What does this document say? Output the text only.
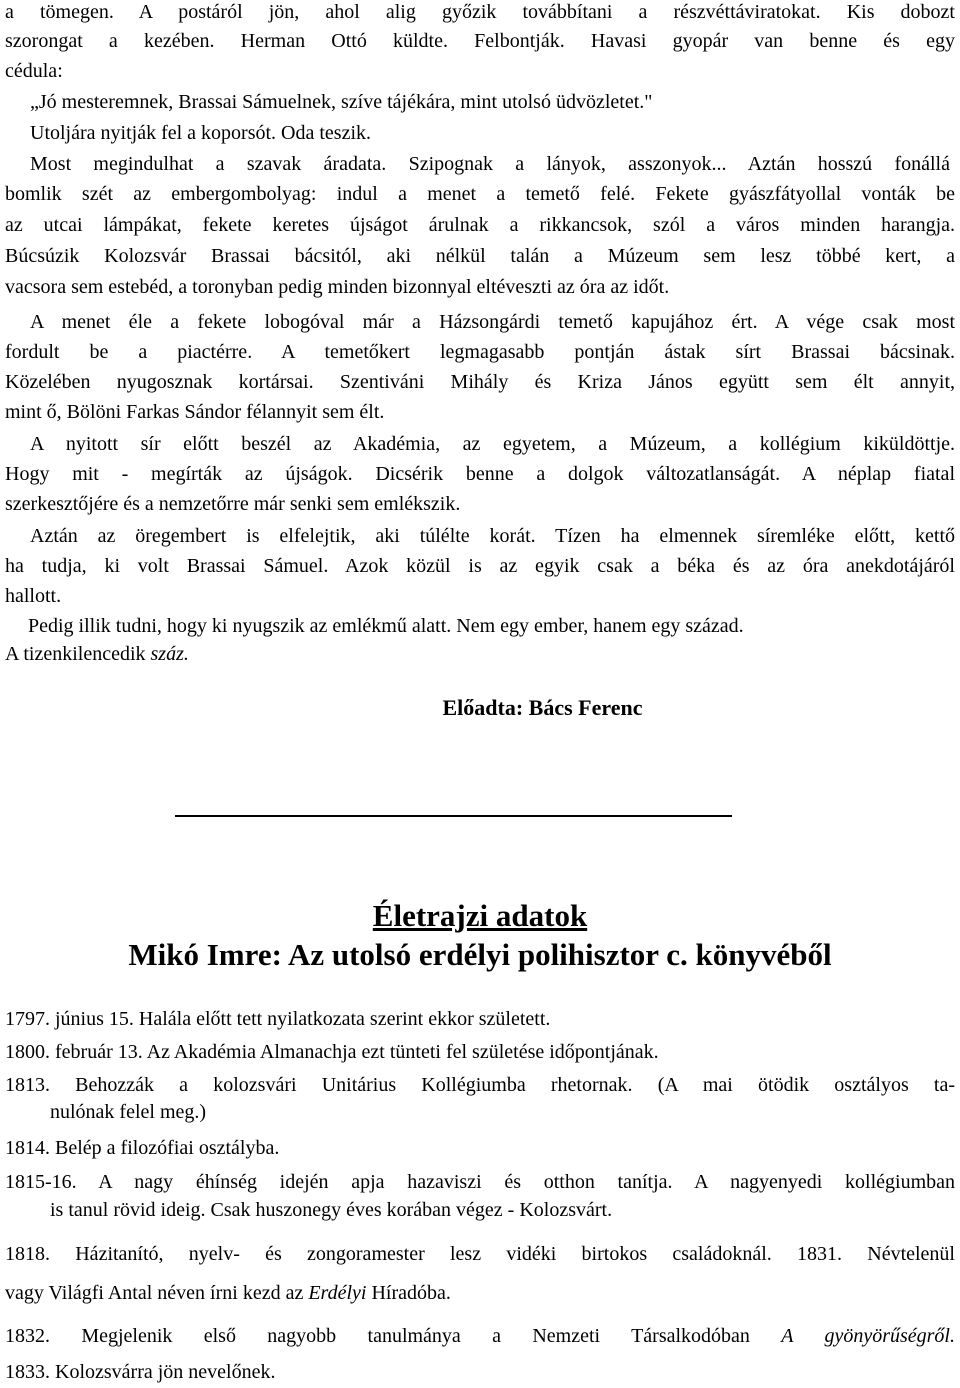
a tömegen. A postáról jön, ahol alig győzik továbbítani a részvéttáviratokat. Kis dobozt
szorongat a kezében. Herman Ottó küldte. Felbontják. Havasi gyopár van benne és egy
cédula:
„Jó mesteremnek, Brassai Sámuelnek, szíve tájékára, mint utolsó üdvözletet."
Utoljára nyitják fel a koporsót. Oda teszik.
Most megindulhat a szavak áradata. Szipognak a lányok, asszonyok... Aztán hosszú fonállá
bomlik szét az embergombolyag: indul a menet a temető felé. Fekete gyászfátyollal vonták be
az utcai lámpákat, fekete keretes újságot árulnak a rikkancsok, szól a város minden harangja.
Búcsúzik Kolozsvár Brassai bácsitól, aki nélkül talán a Múzeum sem lesz többé kert, a
vacsora sem estebéd, a toronyban pedig minden bizonnyal eltéveszti az óra az időt.
A menet éle a fekete lobogóval már a Házsongárdi temető kapujához ért. A vége csak most
fordult be a piactérre. A temetőkert legmagasabb pontján ástak sírt Brassai bácsinak.
Közelében nyugosznak kortársai. Szentiváni Mihály és Kriza János együtt sem élt annyit,
mint ő, Bölöni Farkas Sándor félannyit sem élt.
A nyitott sír előtt beszél az Akadémia, az egyetem, a Múzeum, a kollégium kiküldöttje.
Hogy mit - megírták az újságok. Dicsérik benne a dolgok változatlanságát. A néplap fiatal
szerkesztőjére és a nemzetőrre már senki sem emlékszik.
Aztán az öregembert is elfelejtik, aki túlélte korát. Tízen ha elmennek síremléke előtt, kettő
ha tudja, ki volt Brassai Sámuel. Azok közül is az egyik csak a béka és az óra anekdotájáról
hallott.
Pedig illik tudni, hogy ki nyugszik az emlékmű alatt. Nem egy ember, hanem egy század.
A tizenkilencedik száz.
Előadta: Bács Ferenc
Életrajzi adatok
Mikó Imre: Az utolsó erdélyi polihisztor c. könyvéből
1797. június 15. Halála előtt tett nyilatkozata szerint ekkor született.
1800. február 13. Az Akadémia Almanachja ezt tünteti fel születése időpontjának.
1813. Behozzák a kolozsvári Unitárius Kollégiumba rhetornak. (A mai ötödik osztályos ta-
nulónak felel meg.)
1814. Belép a filozófiai osztályba.
1815-16. A nagy éhínség idején apja hazaviszi és otthon tanítja. A nagyenyedi kollégiumban
is tanul rövid ideig. Csak huszonegy éves korában végez - Kolozsvárt.
1818. Házitanító, nyelv- és zongoramester lesz vidéki birtokos családoknál. 1831. Névtelenül
vagy Világfi Antal néven írni kezd az Erdélyi Híradóba.
1832. Megjelenik első nagyobb tanulmánya a Nemzeti Társalkodóban A gyönyörűségről.
1833. Kolozsvárra jön nevelőnek.
